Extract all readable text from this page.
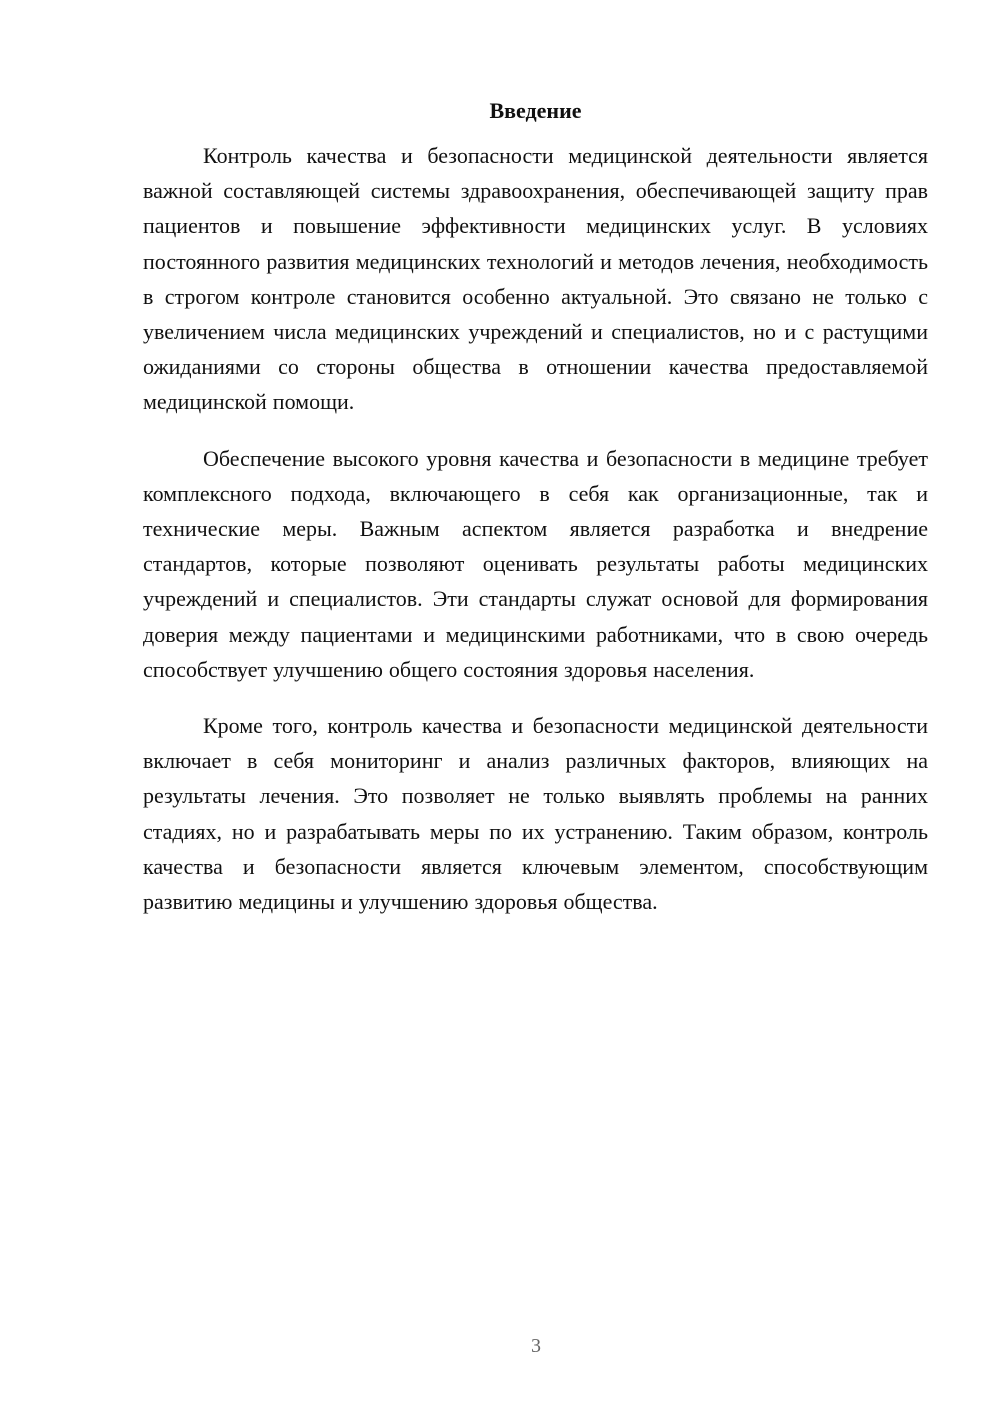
Введение

Контроль качества и безопасности медицинской деятельности является важной составляющей системы здравоохранения, обеспечивающей защиту прав пациентов и повышение эффективности медицинских услуг. В условиях постоянного развития медицинских технологий и методов лечения, необходимость в строгом контроле становится особенно актуальной. Это связано не только с увеличением числа медицинских учреждений и специалистов, но и с растущими ожиданиями со стороны общества в отношении качества предоставляемой медицинской помощи.

Обеспечение высокого уровня качества и безопасности в медицине требует комплексного подхода, включающего в себя как организационные, так и технические меры. Важным аспектом является разработка и внедрение стандартов, которые позволяют оценивать результаты работы медицинских учреждений и специалистов. Эти стандарты служат основой для формирования доверия между пациентами и медицинскими работниками, что в свою очередь способствует улучшению общего состояния здоровья населения.

Кроме того, контроль качества и безопасности медицинской деятельности включает в себя мониторинг и анализ различных факторов, влияющих на результаты лечения. Это позволяет не только выявлять проблемы на ранних стадиях, но и разрабатывать меры по их устранению. Таким образом, контроль качества и безопасности является ключевым элементом, способствующим развитию медицины и улучшению здоровья общества.

3
